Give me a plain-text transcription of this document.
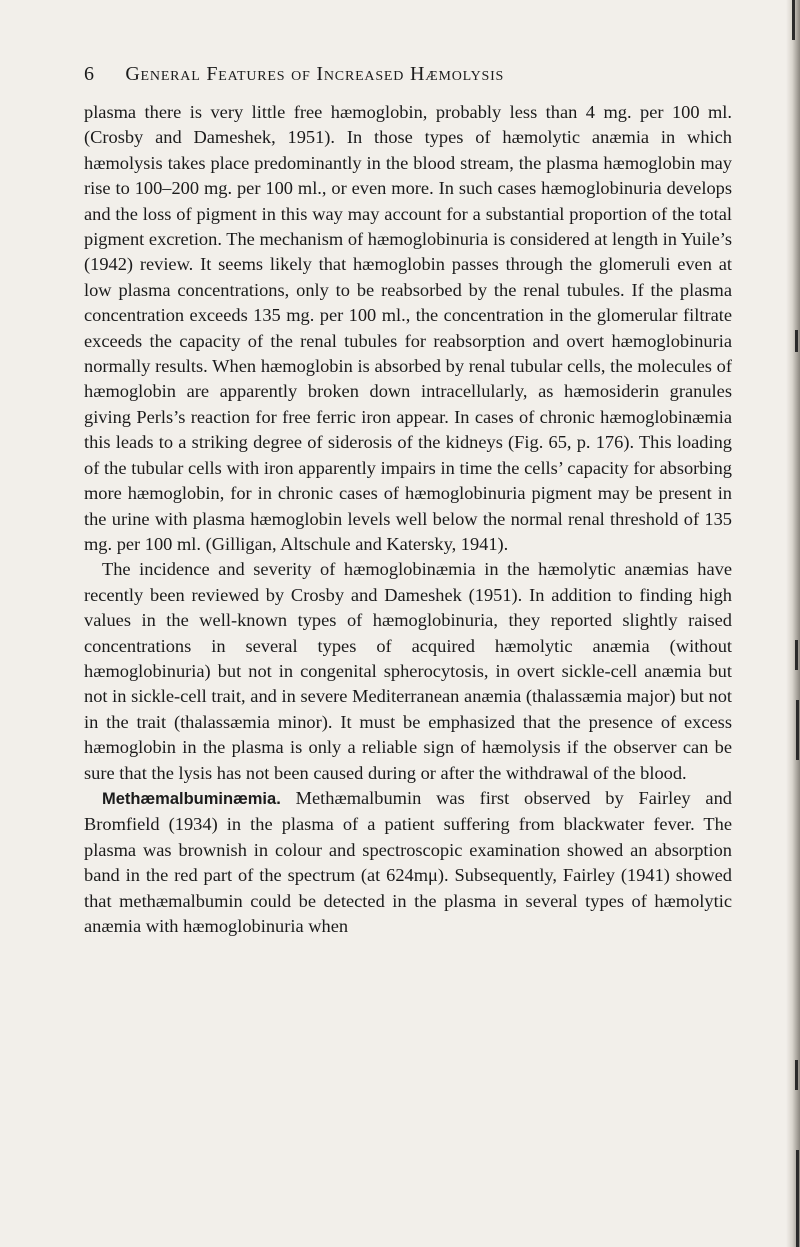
6 General Features of Increased Hæmolysis

plasma there is very little free hæmoglobin, probably less than 4 mg. per 100 ml. (Crosby and Dameshek, 1951). In those types of hæmolytic anæmia in which hæmolysis takes place predominantly in the blood stream, the plasma hæmoglobin may rise to 100–200 mg. per 100 ml., or even more. In such cases hæmoglobinuria develops and the loss of pigment in this way may account for a substantial proportion of the total pigment excretion. The mechanism of hæmoglobinuria is considered at length in Yuile’s (1942) review. It seems likely that hæmoglobin passes through the glomeruli even at low plasma concentrations, only to be reabsorbed by the renal tubules. If the plasma concentration exceeds 135 mg. per 100 ml., the concentration in the glomerular filtrate exceeds the capacity of the renal tubules for reabsorption and overt hæmoglobinuria normally results. When hæmoglobin is absorbed by renal tubular cells, the molecules of hæmoglobin are apparently broken down intracellularly, as hæmosiderin granules giving Perls’s reaction for free ferric iron appear. In cases of chronic hæmoglobinæmia this leads to a striking degree of siderosis of the kidneys (Fig. 65, p. 176). This loading of the tubular cells with iron apparently impairs in time the cells’ capacity for absorbing more hæmoglobin, for in chronic cases of hæmoglobinuria pigment may be present in the urine with plasma hæmoglobin levels well below the normal renal threshold of 135 mg. per 100 ml. (Gilligan, Altschule and Katersky, 1941).

The incidence and severity of hæmoglobinæmia in the hæmolytic anæmias have recently been reviewed by Crosby and Dameshek (1951). In addition to finding high values in the well-known types of hæmoglobinuria, they reported slightly raised concentrations in several types of acquired hæmolytic anæmia (without hæmoglobinuria) but not in congenital spherocytosis, in overt sickle-cell anæmia but not in sickle-cell trait, and in severe Mediterranean anæmia (thalassæmia major) but not in the trait (thalassæmia minor). It must be emphasized that the presence of excess hæmoglobin in the plasma is only a reliable sign of hæmolysis if the observer can be sure that the lysis has not been caused during or after the withdrawal of the blood.

Methæmalbuminæmia. Methæmalbumin was first observed by Fairley and Bromfield (1934) in the plasma of a patient suffering from blackwater fever. The plasma was brownish in colour and spectroscopic examination showed an absorption band in the red part of the spectrum (at 624mμ). Subsequently, Fairley (1941) showed that methæmalbumin could be detected in the plasma in several types of hæmolytic anæmia with hæmoglobinuria when
